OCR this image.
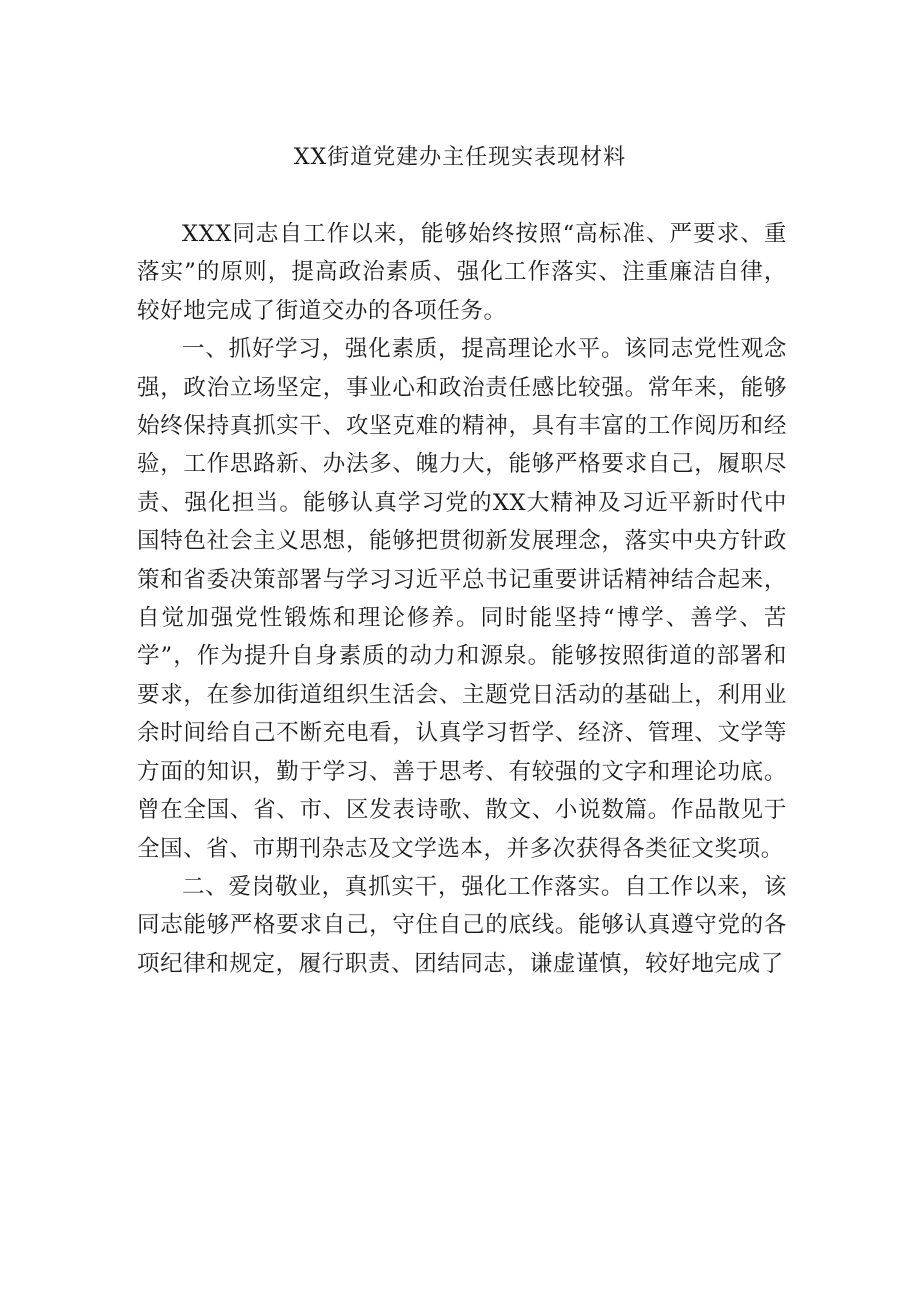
XX街道党建办主任现实表现材料

XXX同志自工作以来，能够始终按照“高标准、严要求、重落实”的原则，提高政治素质、强化工作落实、注重廉洁自律，较好地完成了街道交办的各项任务。

一、抓好学习，强化素质，提高理论水平。该同志党性观念强，政治立场坚定，事业心和政治责任感比较强。常年来，能够始终保持真抓实干、攻坚克难的精神，具有丰富的工作阅历和经验，工作思路新、办法多、魄力大，能够严格要求自己，履职尽责、强化担当。能够认真学习党的XX大精神及习近平新时代中国特色社会主义思想，能够把贯彻新发展理念，落实中央方针政策和省委决策部署与学习习近平总书记重要讲话精神结合起来，自觉加强党性锻炼和理论修养。同时能坚持“博学、善学、苦学”，作为提升自身素质的动力和源泉。能够按照街道的部署和要求，在参加街道组织生活会、主题党日活动的基础上，利用业余时间给自己不断充电看，认真学习哲学、经济、管理、文学等方面的知识，勤于学习、善于思考、有较强的文字和理论功底。曾在全国、省、市、区发表诗歌、散文、小说数篇。作品散见于全国、省、市期刊杂志及文学选本，并多次获得各类征文奖项。

二、爱岗敬业，真抓实干，强化工作落实。自工作以来，该同志能够严格要求自己，守住自己的底线。能够认真遵守党的各项纪律和规定，履行职责、团结同志，谦虚谨慎，较好地完成了
